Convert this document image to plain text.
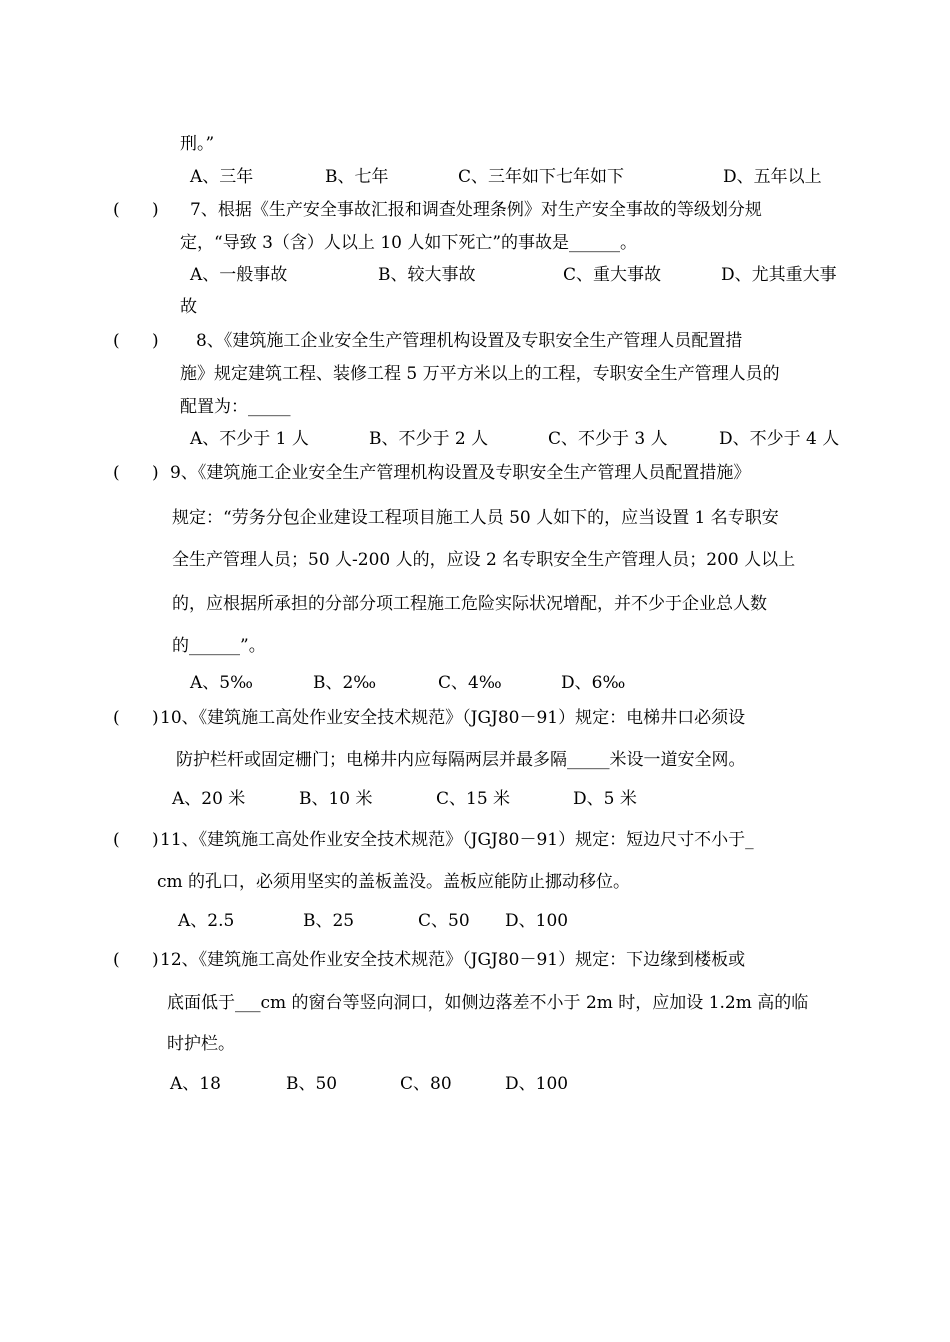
刑。”
A、三年	B、七年	C、三年如下七年如下	D、五年以上
(      ) 7、根据《生产安全事故汇报和调查处理条例》对生产安全事故的等级划分规
定，“导致 3（含）人以上 10 人如下死亡”的事故是______。
A、一般事故	B、较大事故	C、重大事故	D、尤其重大事
故
(      ) 8、《建筑施工企业安全生产管理机构设置及专职安全生产管理人员配置措
施》规定建筑工程、装修工程 5 万平方米以上的工程，专职安全生产管理人员的
配置为：_____
A、不少于 1 人	B、不少于 2 人	C、不少于 3 人	D、不少于 4 人
(      ) 9、《建筑施工企业安全生产管理机构设置及专职安全生产管理人员配置措施》
规定：“劳务分包企业建设工程项目施工人员 50 人如下的，应当设置 1 名专职安
全生产管理人员；50 人-200 人的，应设 2 名专职安全生产管理人员；200 人以上
的，应根据所承担的分部分项工程施工危险实际状况增配，并不少于企业总人数
的______”。
A、5‰	B、2‰	C、4‰	D、6‰
(      ) 10、《建筑施工高处作业安全技术规范》（JGJ80－91）规定：电梯井口必须设
防护栏杆或固定栅门；电梯井内应每隔两层并最多隔_____米设一道安全网。
A、20 米	B、10 米	C、15 米	D、5 米
(      ) 11、《建筑施工高处作业安全技术规范》（JGJ80－91）规定：短边尺寸不小于_
cm 的孔口，必须用坚实的盖板盖没。盖板应能防止挪动移位。
A、2.5	B、25	C、50 D、100
(      ) 12、《建筑施工高处作业安全技术规范》（JGJ80－91）规定：下边缘到楼板或
底面低于___cm 的窗台等竖向洞口，如侧边落差不小于 2m 时，应加设 1.2m 高的临
时护栏。
A、18	B、50	C、80	D、100
